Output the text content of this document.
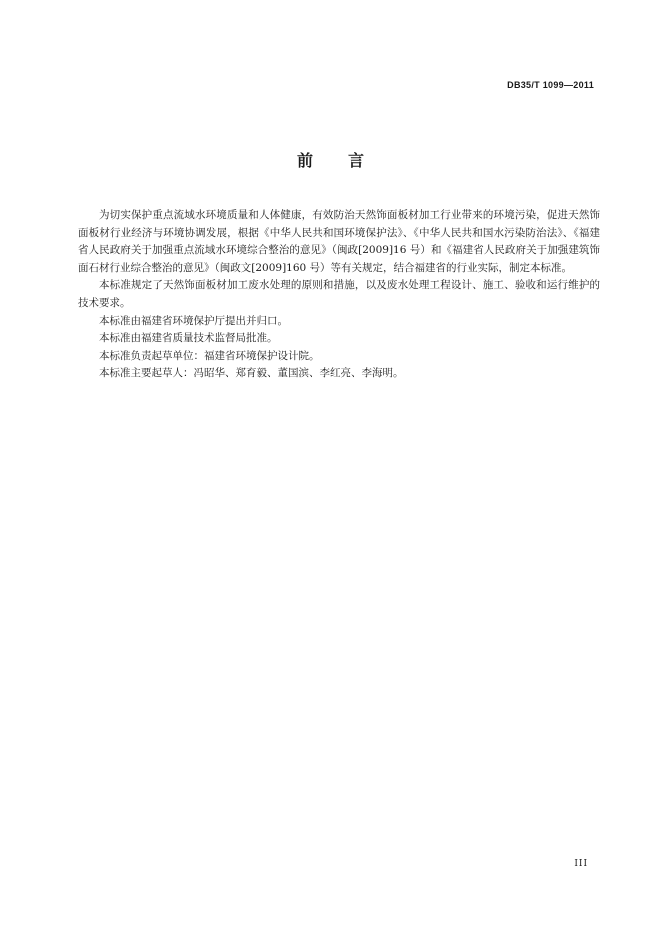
DB35/T 1099—2011
前 言

为切实保护重点流域水环境质量和人体健康，有效防治天然饰面板材加工行业带来的环境污染，促进天然饰面板材行业经济与环境协调发展，根据《中华人民共和国环境保护法》、《中华人民共和国水污染防治法》、《福建省人民政府关于加强重点流域水环境综合整治的意见》（闽政[2009]16 号）和《福建省人民政府关于加强建筑饰面石材行业综合整治的意见》（闽政文[2009]160 号）等有关规定，结合福建省的行业实际，制定本标准。

本标准规定了天然饰面板材加工废水处理的原则和措施，以及废水处理工程设计、施工、验收和运行维护的技术要求。

本标准由福建省环境保护厅提出并归口。

本标准由福建省质量技术监督局批准。

本标准负责起草单位：福建省环境保护设计院。

本标准主要起草人：冯昭华、郑育毅、董国滨、李红亮、李海明。

III
